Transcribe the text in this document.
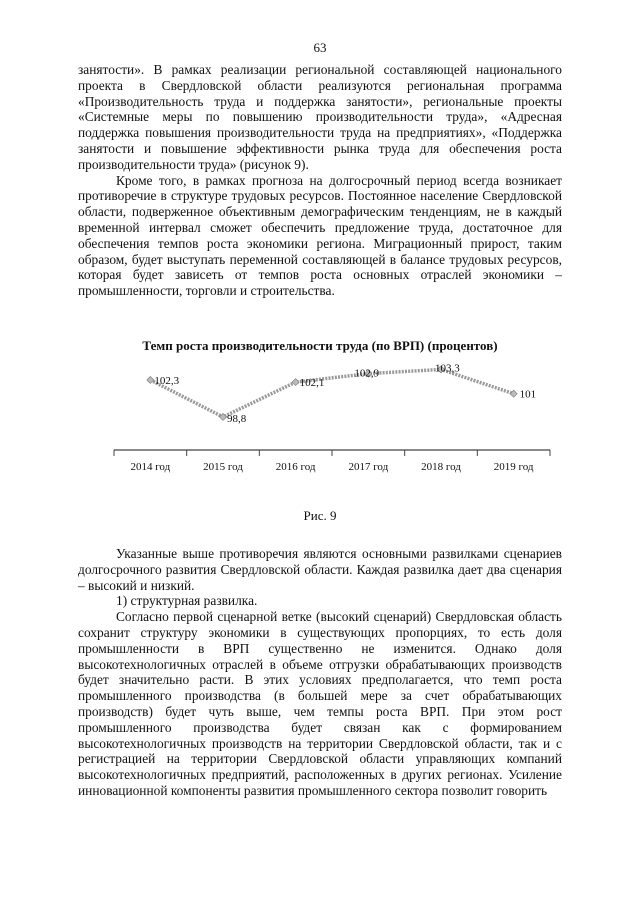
63

занятости». В рамках реализации региональной составляющей национального проекта в Свердловской области реализуются региональная программа «Производительность труда и поддержка занятости», региональные проекты «Системные меры по повышению производительности труда», «Адресная поддержка повышения производительности труда на предприятиях», «Поддержка занятости и повышение эффективности рынка труда для обеспечения роста производительности труда» (рисунок 9).

Кроме того, в рамках прогноза на долгосрочный период всегда возникает противоречие в структуре трудовых ресурсов. Постоянное население Свердловской области, подверженное объективным демографическим тенденциям, не в каждый временной интервал сможет обеспечить предложение труда, достаточное для обеспечения темпов роста экономики региона. Миграционный прирост, таким образом, будет выступать переменной составляющей в балансе трудовых ресурсов, которая будет зависеть от темпов роста основных отраслей экономики – промышленности, торговли и строительства.

Темп роста производительности труда (по ВРП) (процентов)
2014 год	2015 год	2016 год	2017 год	2018 год	2019 год
102,3
98,8
102,1
102,9	103,3
101
Рис. 9

Указанные выше противоречия являются основными развилками сценариев долгосрочного развития Свердловской области. Каждая развилка дает два сценария – высокий и низкий.

1) структурная развилка.

Согласно первой сценарной ветке (высокий сценарий) Свердловская область сохранит структуру экономики в существующих пропорциях, то есть доля промышленности в ВРП существенно не изменится. Однако доля высокотехнологичных отраслей в объеме отгрузки обрабатывающих производств будет значительно расти. В этих условиях предполагается, что темп роста промышленного производства (в большей мере за счет обрабатывающих производств) будет чуть выше, чем темпы роста ВРП. При этом рост промышленного производства будет связан как с формированием высокотехнологичных производств на территории Свердловской области, так и с регистрацией на территории Свердловской области управляющих компаний высокотехнологичных предприятий, расположенных в других регионах. Усиление инновационной компоненты развития промышленного сектора позволит говорить
